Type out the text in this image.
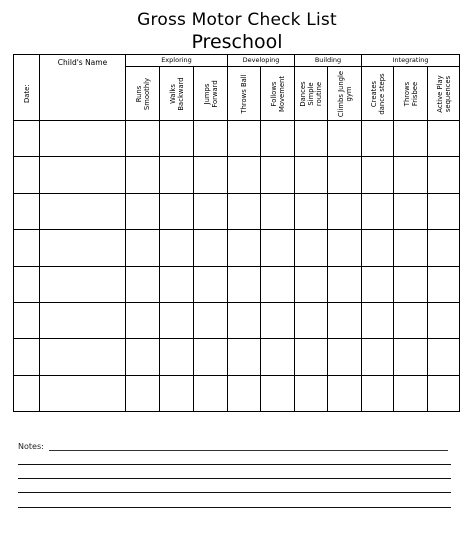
Gross Motor Check List
Preschool
Date:	Child's Name	Exploring			Developing		Building		Integrating		

		Runs Smoothly	Walks Backward	Jumps Forward	Throws Ball	Follows Movement	Dances Simple routine	Climbs Jungle gym	Creates dance steps	Throws Frisbee	Active Play sequences

Notes:
